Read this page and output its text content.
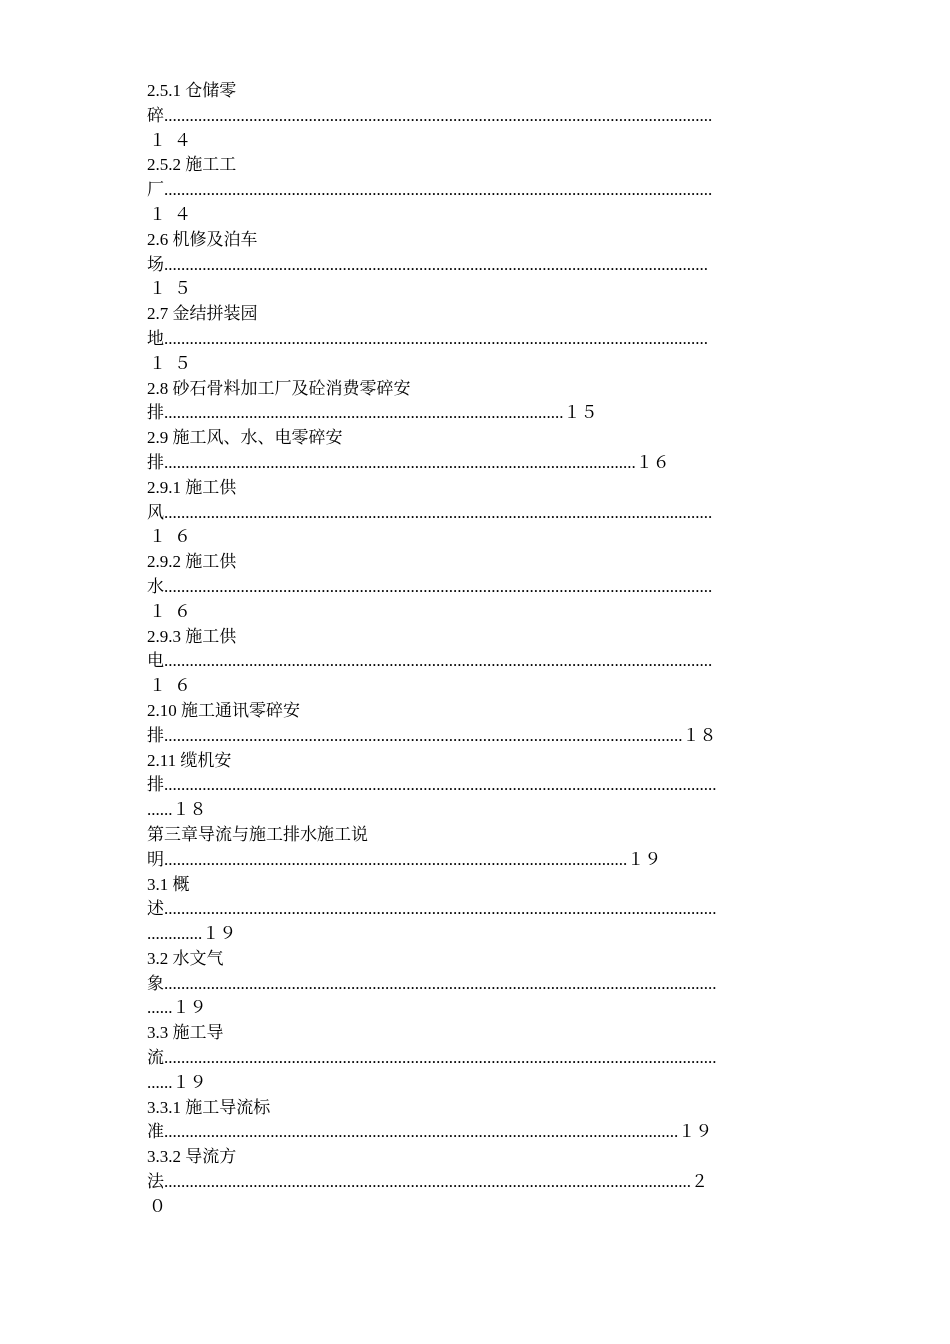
2.5.1 仓储零
碎.................................................................................................................................
１４
2.5.2 施工工
厂.................................................................................................................................
１４
2.6 机修及泊车
场................................................................................................................................
１５
2.7 金结拼装园
地................................................................................................................................
１５
2.8 砂石骨料加工厂及砼消费零碎安
排..............................................................................................１５
2.9 施工风、水、电零碎安
排...............................................................................................................１６
2.9.1 施工供
风.................................................................................................................................
１６
2.9.2 施工供
水.................................................................................................................................
１６
2.9.3 施工供
电.................................................................................................................................
１６
2.10 施工通讯零碎安
排..........................................................................................................................１８
2.11 缆机安
排..................................................................................................................................
......１８
第三章导流与施工排水施工说
明.............................................................................................................１９
3.1 概
述..................................................................................................................................
.............１９
3.2 水文气
象..................................................................................................................................
......１９
3.3 施工导
流..................................................................................................................................
......１９
3.3.1 施工导流标
准.........................................................................................................................１９
3.3.2 导流方
法............................................................................................................................２
０
